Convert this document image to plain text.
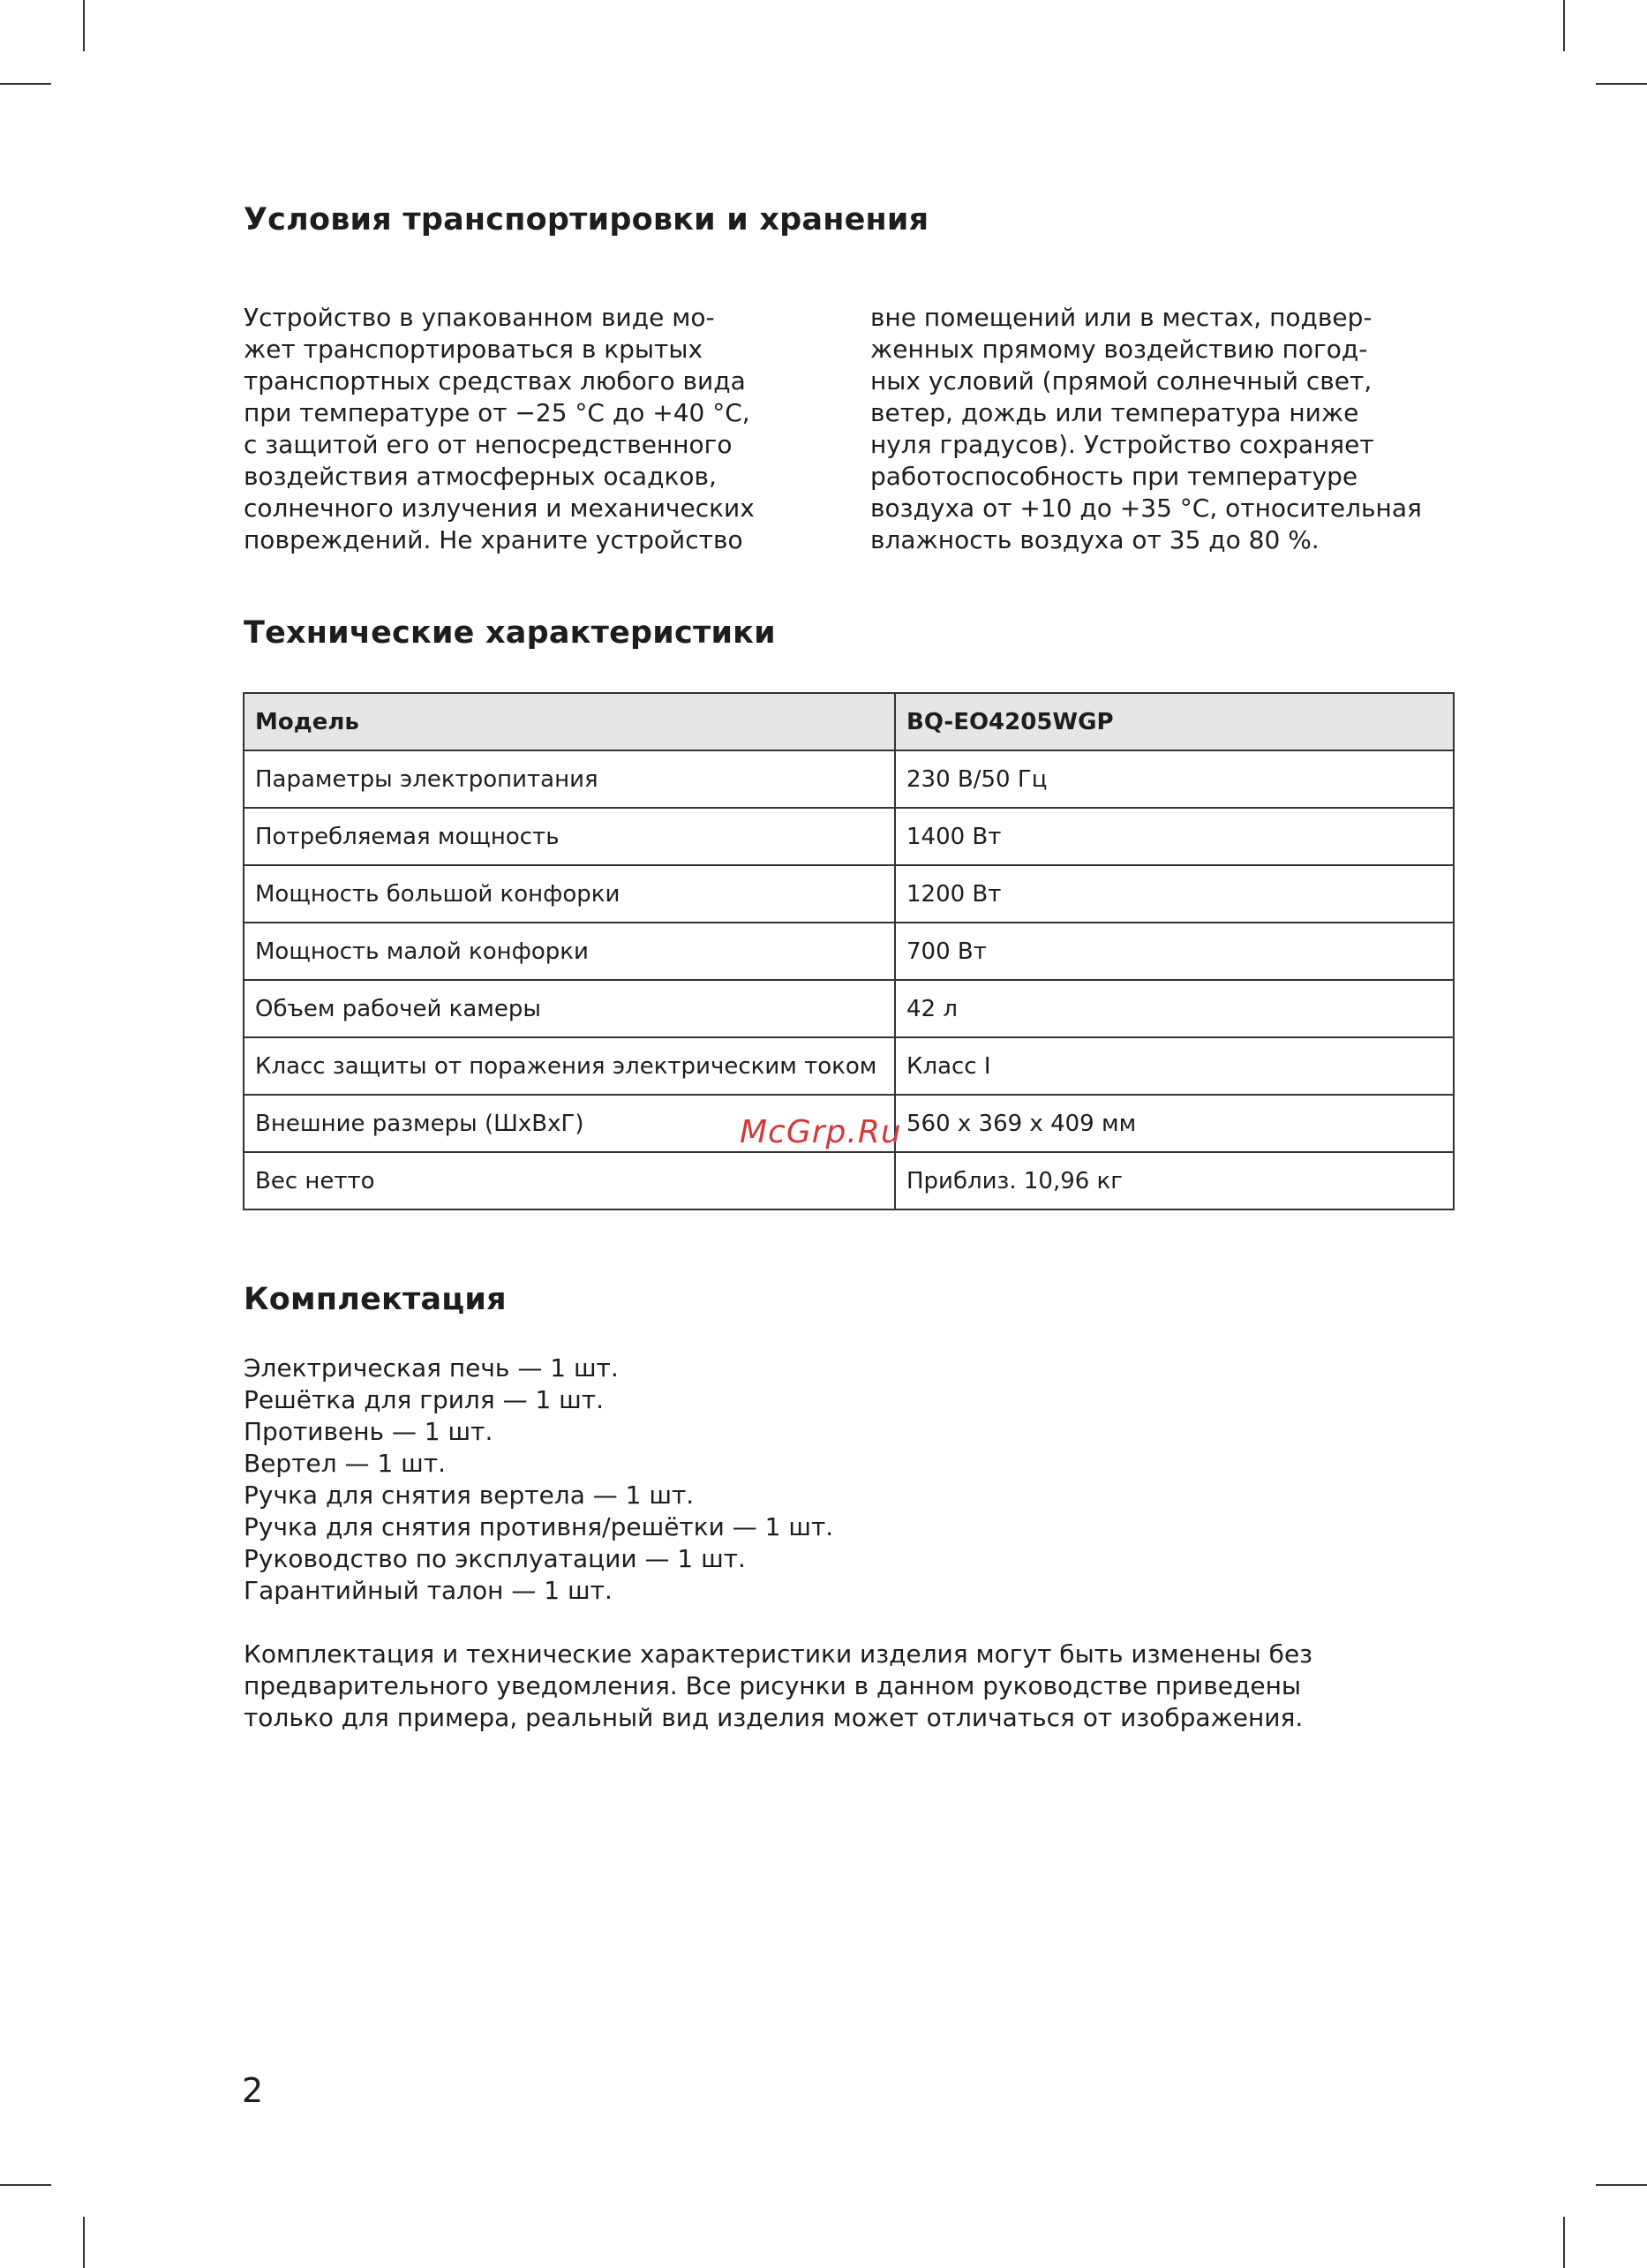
Условия транспортировки и хранения
Устройство в упакованном виде мо-
жет транспортироваться в крытых
транспортных средствах любого вида
при температуре от −25 °C до +40 °C,
с защитой его от непосредственного
воздействия атмосферных осадков,
солнечного излучения и механических
повреждений. Не храните устройство
вне помещений или в местах, подвер-
женных прямому воздействию погод-
ных условий (прямой солнечный свет,
ветер, дождь или температура ниже
нуля градусов). Устройство сохраняет
работоспособность при температуре
воздуха от +10 до +35 °C, относительная
влажность воздуха от 35 до 80 %.
Технические характеристики
Модель	BQ-EO4205WGP
Параметры электропитания	230 В/50 Гц
Потребляемая мощность	1400 Вт
Мощность большой конфорки	1200 Вт
Мощность малой конфорки	700 Вт
Объем рабочей камеры	42 л
Класс защиты от поражения электрическим током	Класс I
Внешние размеры (ШхВхГ)	560 x 369 x 409 мм
Вес нетто	Приблиз. 10,96 кг
McGrp.Ru
Комплектация
Электрическая печь — 1 шт.
Решётка для гриля — 1 шт.
Противень — 1 шт.
Вертел — 1 шт.
Ручка для снятия вертела — 1 шт.
Ручка для снятия противня/решётки — 1 шт.
Руководство по эксплуатации — 1 шт.
Гарантийный талон — 1 шт.
Комплектация и технические характеристики изделия могут быть изменены без
предварительного уведомления. Все рисунки в данном руководстве приведены
только для примера, реальный вид изделия может отличаться от изображения.
2
